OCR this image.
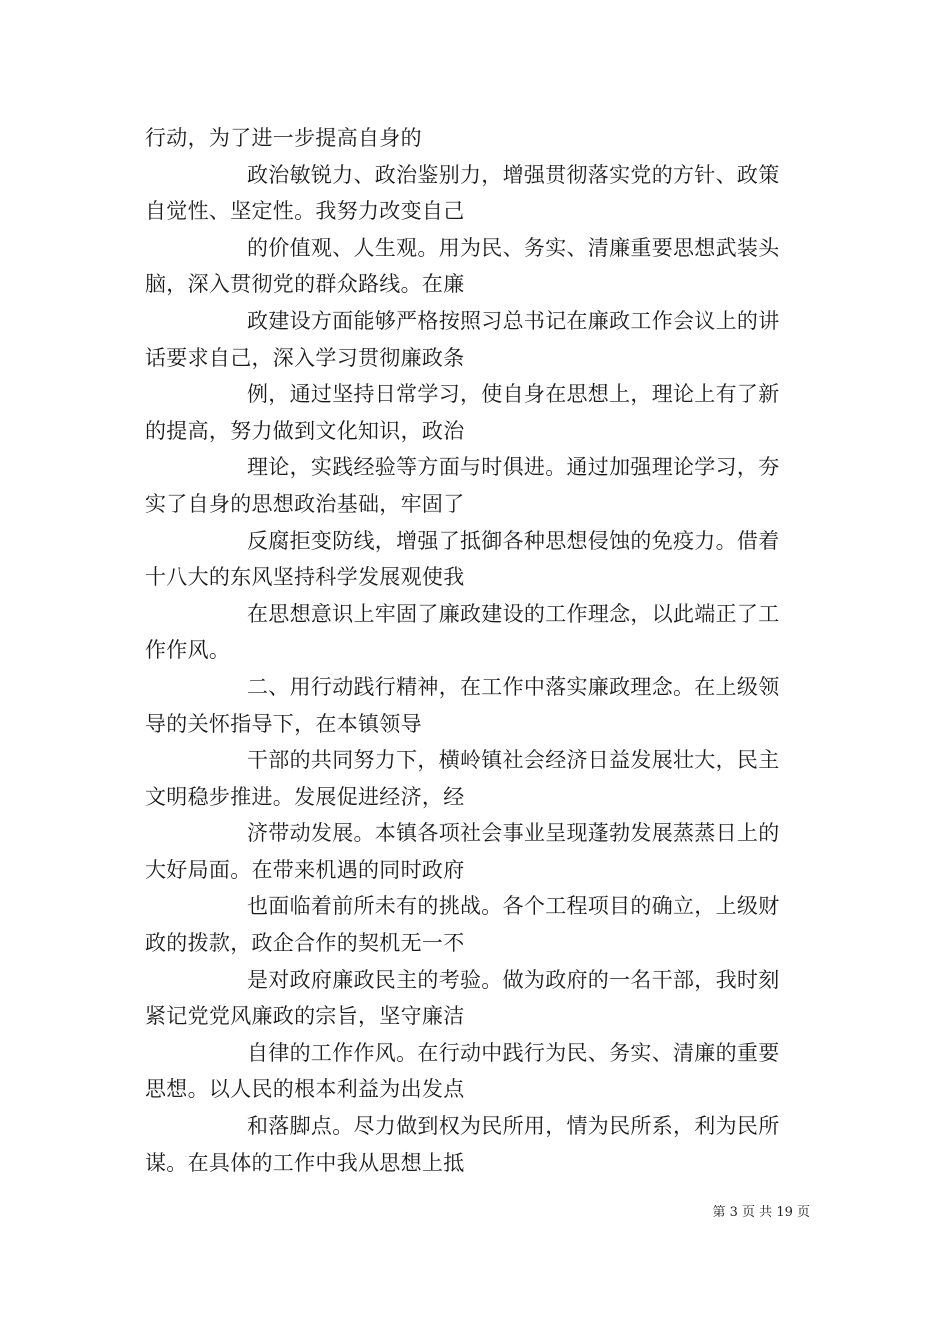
行动，为了进一步提高自身的
政治敏锐力、政治鉴别力，增强贯彻落实党的方针、政策
自觉性、坚定性。我努力改变自己
的价值观、人生观。用为民、务实、清廉重要思想武装头
脑，深入贯彻党的群众路线。在廉
政建设方面能够严格按照习总书记在廉政工作会议上的讲
话要求自己，深入学习贯彻廉政条
例，通过坚持日常学习，使自身在思想上，理论上有了新
的提高，努力做到文化知识，政治
理论，实践经验等方面与时俱进。通过加强理论学习，夯
实了自身的思想政治基础，牢固了
反腐拒变防线，增强了抵御各种思想侵蚀的免疫力。借着
十八大的东风坚持科学发展观使我
在思想意识上牢固了廉政建设的工作理念，以此端正了工
作作风。
二、用行动践行精神，在工作中落实廉政理念。在上级领
导的关怀指导下，在本镇领导
干部的共同努力下，横岭镇社会经济日益发展壮大，民主
文明稳步推进。发展促进经济，经
济带动发展。本镇各项社会事业呈现蓬勃发展蒸蒸日上的
大好局面。在带来机遇的同时政府
也面临着前所未有的挑战。各个工程项目的确立，上级财
政的拨款，政企合作的契机无一不
是对政府廉政民主的考验。做为政府的一名干部，我时刻
紧记党党风廉政的宗旨，坚守廉洁
自律的工作作风。在行动中践行为民、务实、清廉的重要
思想。以人民的根本利益为出发点
和落脚点。尽力做到权为民所用，情为民所系，利为民所
谋。在具体的工作中我从思想上抵
第 3 页 共 19 页
